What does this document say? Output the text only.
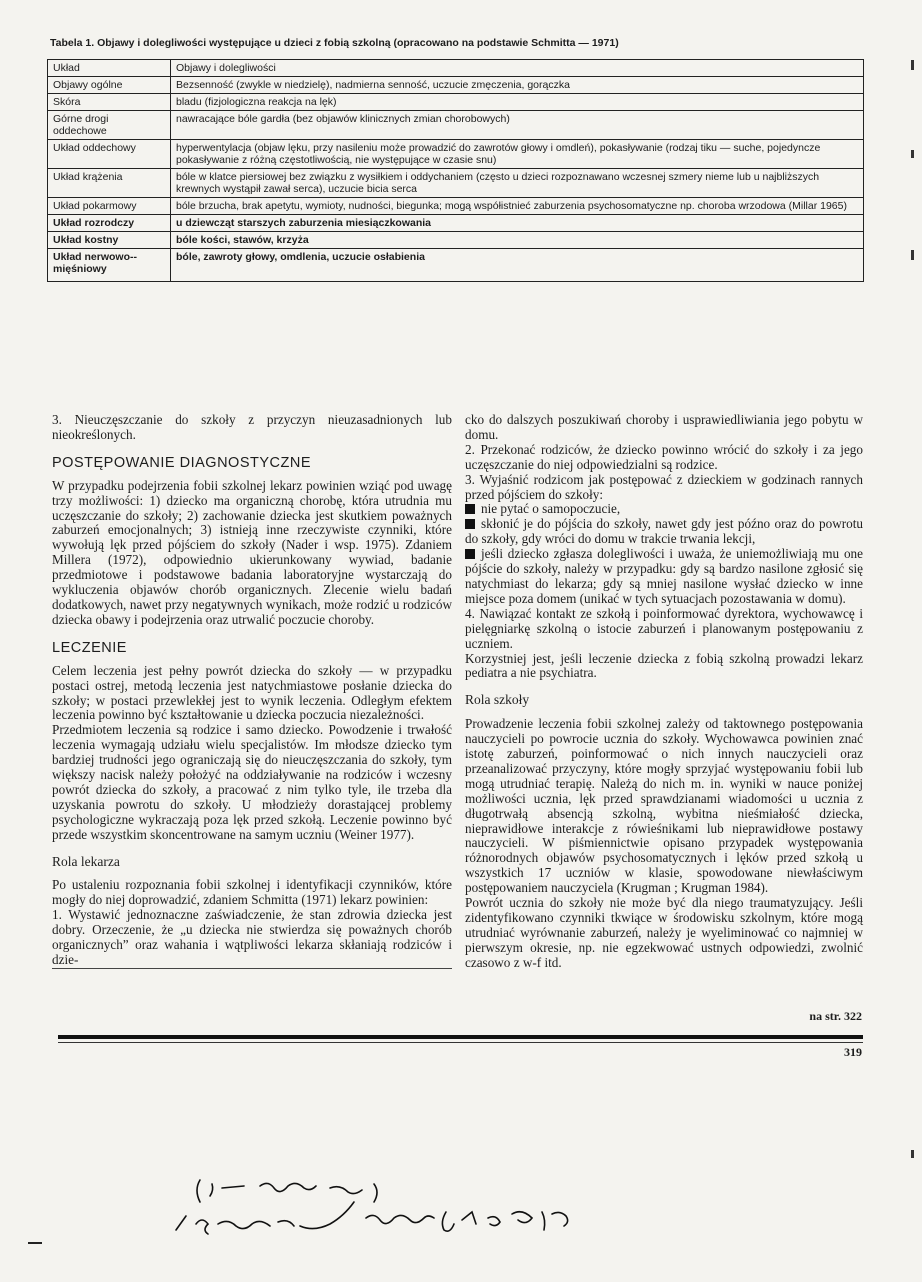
Tabela 1. Objawy i dolegliwości występujące u dzieci z fobią szkolną (opracowano na podstawie Schmitta — 1971)
Układ	Objawy i dolegliwości
Objawy ogólne	Bezsenność (zwykle w niedzielę), nadmierna senność, uczucie zmęczenia, gorączka
Skóra	bladu (fizjologiczna reakcja na lęk)
Górne drogi oddechowe	nawracające bóle gardła (bez objawów klinicznych zmian chorobowych)
Układ oddechowy	hyperwentylacja (objaw lęku, przy nasileniu może prowadzić do zawrotów głowy i omdleń), pokasływanie (rodzaj tiku — suche, pojedyncze pokasływanie z różną częstotliwością, nie występujące w czasie snu)
Układ krążenia	bóle w klatce piersiowej bez związku z wysiłkiem i oddychaniem (często u dzieci rozpoznawano wczesnej szmery nieme lub u najbliższych krewnych wystąpił zawał serca), uczucie bicia serca
Układ pokarmowy	bóle brzucha, brak apetytu, wymioty, nudności, biegunka; mogą współistnieć zaburzenia psychosomatyczne np. choroba wrzodowa (Millar 1965)
Układ rozrodczy	u dziewcząt starszych zaburzenia miesiączkowania
Układ kostny	bóle kości, stawów, krzyża
Układ nerwowo--mięśniowy	bóle, zawroty głowy, omdlenia, uczucie osłabienia

3. Nieuczęszczanie do szkoły z przyczyn nieuzasadnionych lub nieokreślonych.

POSTĘPOWANIE DIAGNOSTYCZNE

W przypadku podejrzenia fobii szkolnej lekarz powinien wziąć pod uwagę trzy możliwości: 1) dziecko ma organiczną chorobę, która utrudnia mu uczęszczanie do szkoły; 2) zachowanie dziecka jest skutkiem poważnych zaburzeń emocjonalnych; 3) istnieją inne rzeczywiste czynniki, które wywołują lęk przed pójściem do szkoły (Nader i wsp. 1975). Zdaniem Millera (1972), odpowiednio ukierunkowany wywiad, badanie przedmiotowe i podstawowe badania laboratoryjne wystarczają do wykluczenia objawów chorób organicznych. Zlecenie wielu badań dodatkowych, nawet przy negatywnych wynikach, może rodzić u rodziców dziecka obawy i podejrzenia oraz utrwalić poczucie choroby.

LECZENIE

Celem leczenia jest pełny powrót dziecka do szkoły — w przypadku postaci ostrej, metodą leczenia jest natychmiastowe posłanie dziecka do szkoły; w postaci przewlekłej jest to wynik leczenia. Odległym efektem leczenia powinno być kształtowanie u dziecka poczucia niezależności.

Przedmiotem leczenia są rodzice i samo dziecko. Powodzenie i trwałość leczenia wymagają udziału wielu specjalistów. Im młodsze dziecko tym bardziej trudności jego ograniczają się do nieuczęszczania do szkoły, tym większy nacisk należy położyć na oddziaływanie na rodziców i wczesny powrót dziecka do szkoły, a pracować z nim tylko tyle, ile trzeba dla uzyskania powrotu do szkoły. U młodzieży dorastającej problemy psychologiczne wykraczają poza lęk przed szkołą. Leczenie powinno być przede wszystkim skoncentrowane na samym uczniu (Weiner 1977).

Rola lekarza

Po ustaleniu rozpoznania fobii szkolnej i identyfikacji czynników, które mogły do niej doprowadzić, zdaniem Schmitta (1971) lekarz powinien:

1. Wystawić jednoznaczne zaświadczenie, że stan zdrowia dziecka jest dobry. Orzeczenie, że „u dziecka nie stwierdza się poważnych chorób organicznych” oraz wahania i wątpliwości lekarza skłaniają rodziców i dzie-

cko do dalszych poszukiwań choroby i usprawiedliwiania jego pobytu w domu.

2. Przekonać rodziców, że dziecko powinno wrócić do szkoły i za jego uczęszczanie do niej odpowiedzialni są rodzice.

3. Wyjaśnić rodzicom jak postępować z dzieckiem w godzinach rannych przed pójściem do szkoły:

nie pytać o samopoczucie,

skłonić je do pójścia do szkoły, nawet gdy jest późno oraz do powrotu do szkoły, gdy wróci do domu w trakcie trwania lekcji,

jeśli dziecko zgłasza dolegliwości i uważa, że uniemożliwiają mu one pójście do szkoły, należy w przypadku: gdy są bardzo nasilone zgłosić się natychmiast do lekarza; gdy są mniej nasilone wysłać dziecko w inne miejsce poza domem (unikać w tych sytuacjach pozostawania w domu).

4. Nawiązać kontakt ze szkołą i poinformować dyrektora, wychowawcę i pielęgniarkę szkolną o istocie zaburzeń i planowanym postępowaniu z uczniem.

Korzystniej jest, jeśli leczenie dziecka z fobią szkolną prowadzi lekarz pediatra a nie psychiatra.

Rola szkoły

Prowadzenie leczenia fobii szkolnej zależy od taktownego postępowania nauczycieli po powrocie ucznia do szkoły. Wychowawca powinien znać istotę zaburzeń, poinformować o nich innych nauczycieli oraz przeanalizować przyczyny, które mogły sprzyjać występowaniu fobii lub mogą utrudniać terapię. Należą do nich m. in. wyniki w nauce poniżej możliwości ucznia, lęk przed sprawdzianami wiadomości u ucznia z długotrwałą absencją szkolną, wybitna nieśmiałość dziecka, nieprawidłowe interakcje z rówieśnikami lub nieprawidłowe postawy nauczycieli. W piśmiennictwie opisano przypadek występowania różnorodnych objawów psychosomatycznych i lęków przed szkołą u wszystkich 17 uczniów w klasie, spowodowane niewłaściwym postępowaniem nauczyciela (Krugman ; Krugman 1984).

Powrót ucznia do szkoły nie może być dla niego traumatyzujący. Jeśli zidentyfikowano czynniki tkwiące w środowisku szkolnym, które mogą utrudniać wyrównanie zaburzeń, należy je wyeliminować co najmniej w pierwszym okresie, np. nie egzekwować ustnych odpowiedzi, zwolnić czasowo z w-f itd.

na str. 322
319
